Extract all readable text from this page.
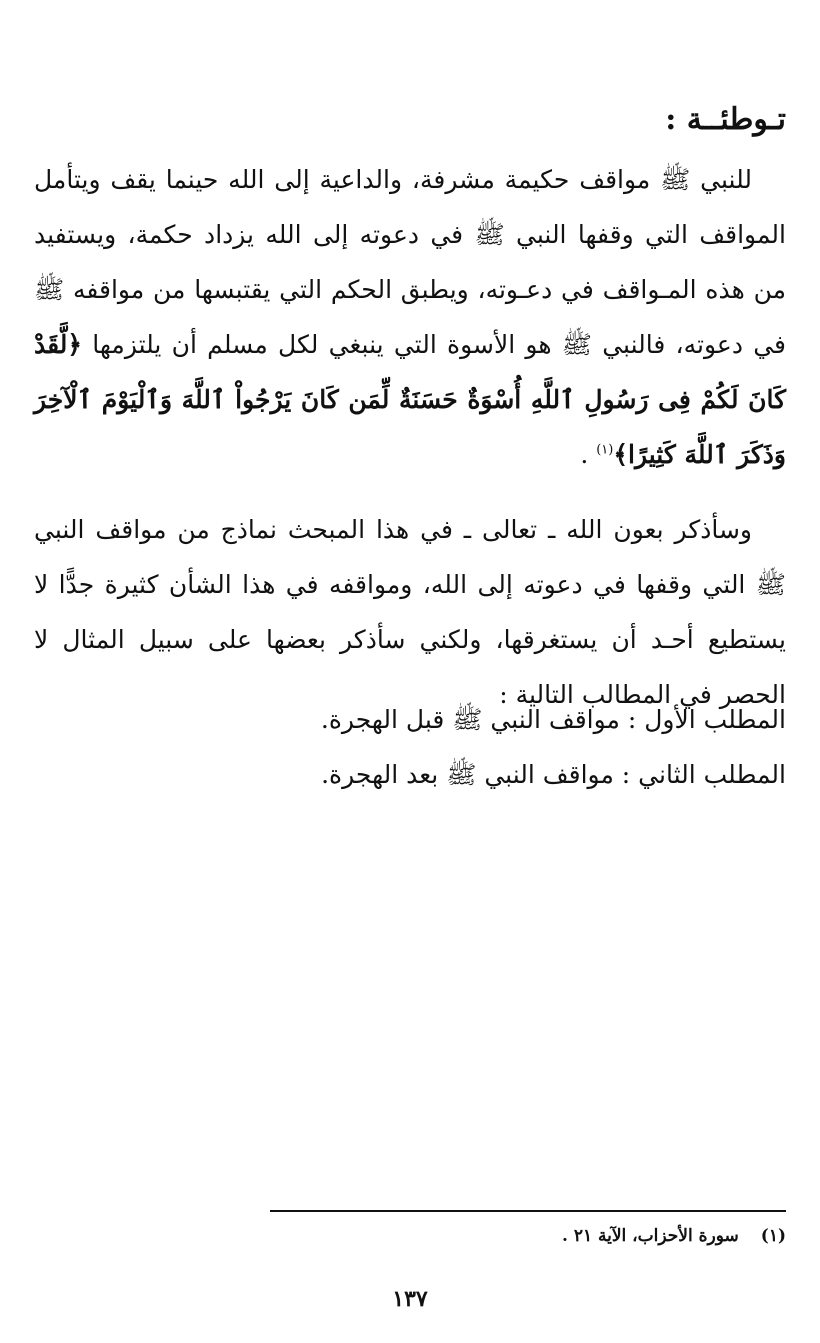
تـوطئــة :

للنبي ﷺ مواقف حكيمة مشرفة، والداعية إلى الله حينما يقف ويتأمل المواقف التي وقفها النبي ﷺ في دعوته إلى الله يزداد حكمة، ويستفيد من هذه المـواقف في دعـوته، ويطبق الحكم التي يقتبسها من مواقفه ﷺ في دعوته، فالنبي ﷺ هو الأسوة التي ينبغي لكل مسلم أن يلتزمها ﴿لَّقَدْ كَانَ لَكُمْ فِى رَسُولِ ٱللَّهِ أُسْوَةٌ حَسَنَةٌ لِّمَن كَانَ يَرْجُواْ ٱللَّهَ وَٱلْيَوْمَ ٱلْآخِرَ وَذَكَرَ ٱللَّهَ كَثِيرًا﴾$^{(١)}$ .

وسأذكر بعون الله ـ تعالى ـ في هذا المبحث نماذج من مواقف النبي ﷺ التي وقفها في دعوته إلى الله، ومواقفه في هذا الشأن كثيرة جدًّا لا يستطيع أحـد أن يستغرقها، ولكني سأذكر بعضها على سبيل المثال لا الحصر في المطالب التالية :

المطلب الأول : مواقف النبي ﷺ قبل الهجرة.

المطلب الثاني : مواقف النبي ﷺ بعد الهجرة.

(١)سورة الأحزاب، الآية ٢١ .
١٣٧
